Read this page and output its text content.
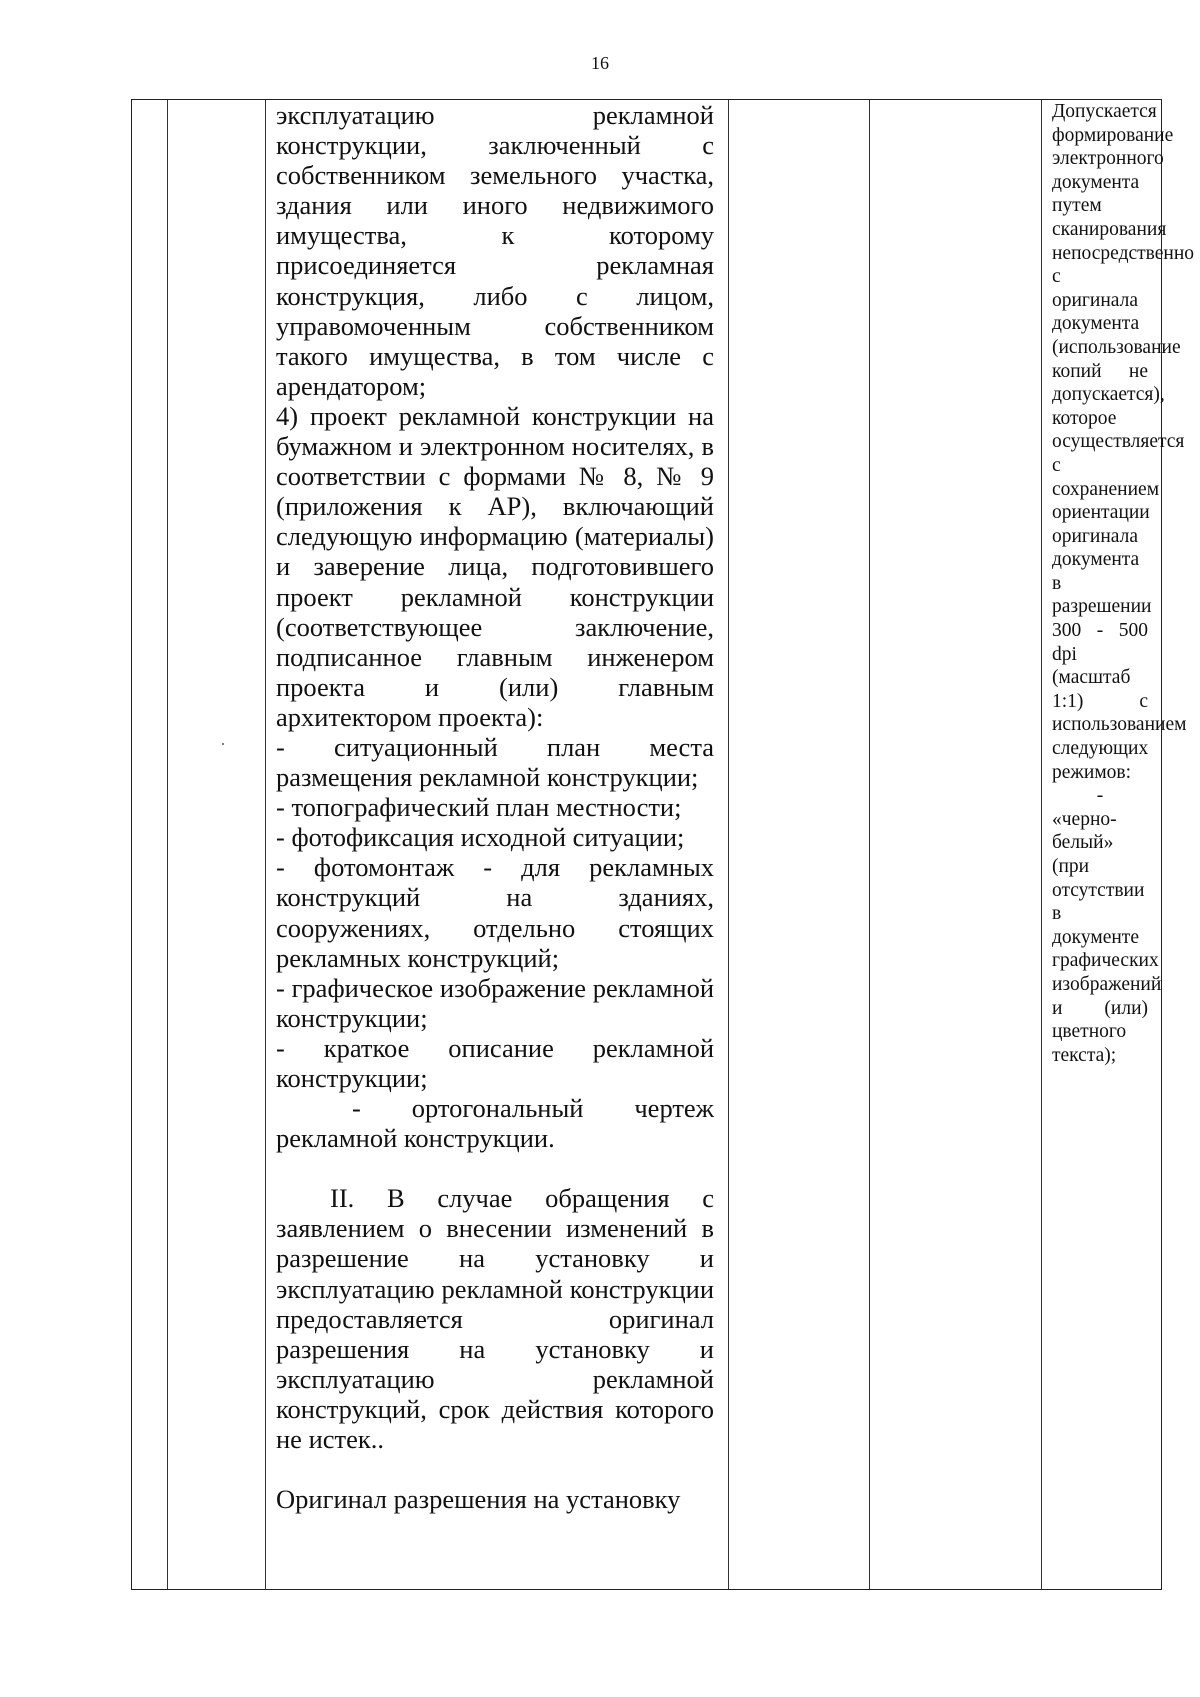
16

эксплуатацию рекламной конструкции, заключенный с собственником земельного участка, здания или иного недвижимого имущества, к которому присоединяется рекламная конструкция, либо с лицом, управомоченным собственником такого имущества, в том числе с арендатором;

4) проект рекламной конструкции на бумажном и электронном носителях, в соответствии с формами № 8, № 9 (приложения к АР), включающий следующую информацию (материалы) и заверение лица, подготовившего проект рекламной конструкции (соответствующее заключение, подписанное главным инженером проекта и (или) главным архитектором проекта):

- ситуационный план места размещения рекламной конструкции;

- топографический план местности;

- фотофиксация исходной ситуации;

- фотомонтаж - для рекламных конструкций на зданиях, сооружениях, отдельно стоящих рекламных конструкций;

- графическое изображение рекламной конструкции;

- краткое описание рекламной конструкции;

- ортогональный чертеж рекламной конструкции.

II. В случае обращения с заявлением о внесении изменений в разрешение на установку и эксплуатацию рекламной конструкции предоставляется оригинал разрешения на установку и эксплуатацию рекламной конструкций, срок действия которого не истек..

Оригинал разрешения на установку

Допускается формирование электронного документа путем сканирования непосредственно с оригинала документа (использование копий не допускается), которое осуществляется с сохранением ориентации оригинала документа в разрешении 300 - 500 dpi (масштаб 1:1) с использованием следующих режимов:

-

«черно-белый» (при отсутствии в документе графических изображений и (или) цветного текста);
